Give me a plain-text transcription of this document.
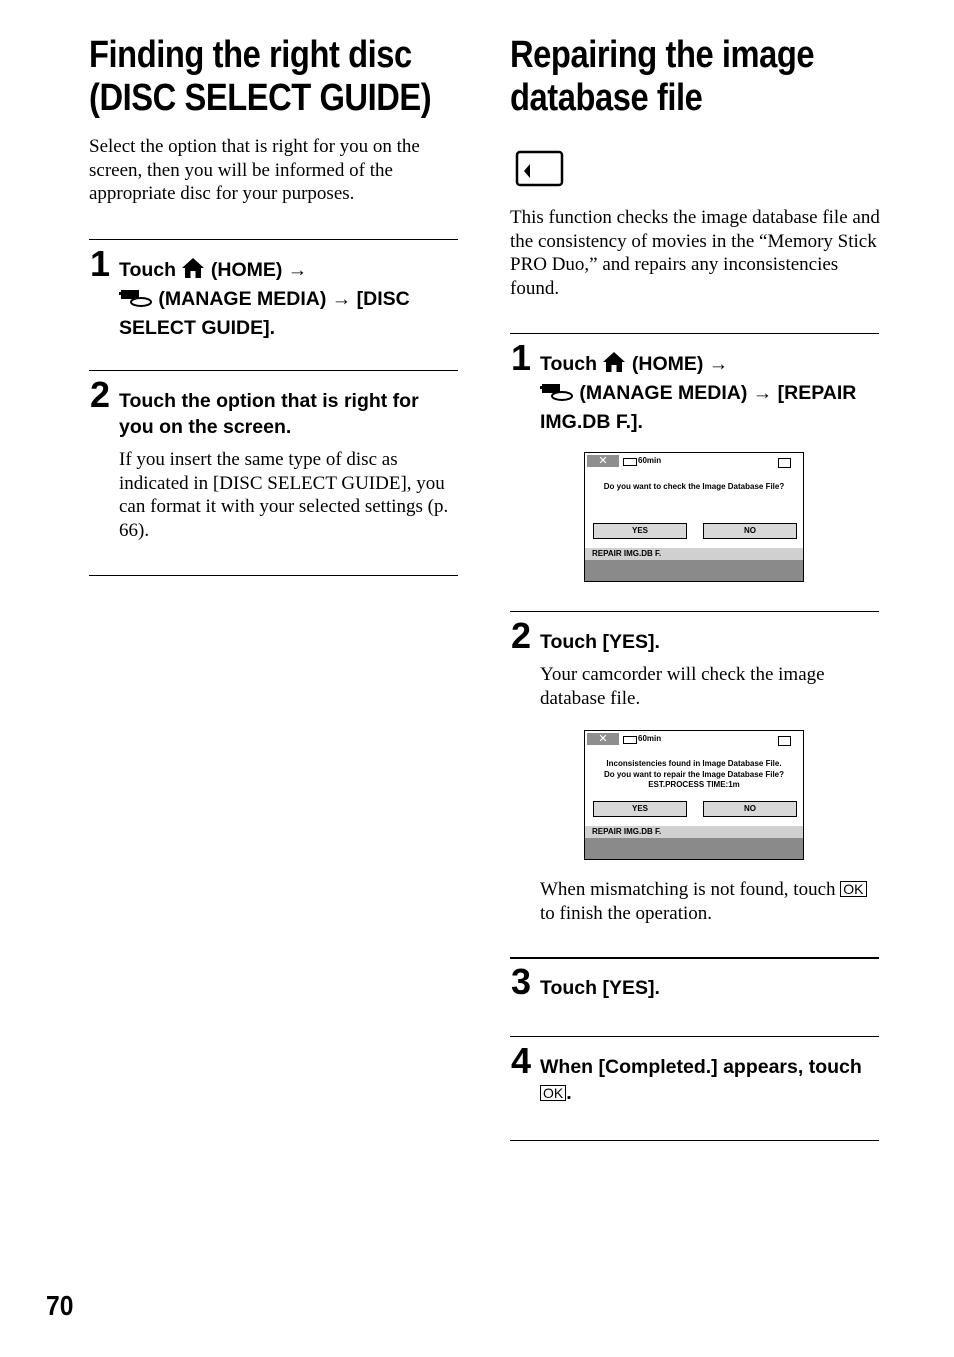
Finding the right disc
(DISC SELECT GUIDE)
Select the option that is right for you on the screen, then you will be informed of the appropriate disc for your purposes.
1 Touch  (HOME) →
(MANAGE MEDIA) → [DISC SELECT GUIDE].
2 Touch the option that is right for you on the screen.
If you insert the same type of disc as indicated in [DISC SELECT GUIDE], you can format it with your selected settings (p. 66).
Repairing the image
database file
This function checks the image database file and the consistency of movies in the “Memory Stick PRO Duo,” and repairs any inconsistencies found.
1 Touch  (HOME) →
(MANAGE MEDIA) → [REPAIR IMG.DB F.].
✕	60min
Do you want to check the Image Database File?
YES	NO
REPAIR IMG.DB F.
2 Touch [YES].
Your camcorder will check the image database file.
✕	60min
Inconsistencies found in Image Database File.
Do you want to repair the Image Database File?
EST.PROCESS TIME:1m
YES	NO
REPAIR IMG.DB F.
When mismatching is not found, touch OK to finish the operation.
3 Touch [YES].
4 When [Completed.] appears, touch OK .
70
